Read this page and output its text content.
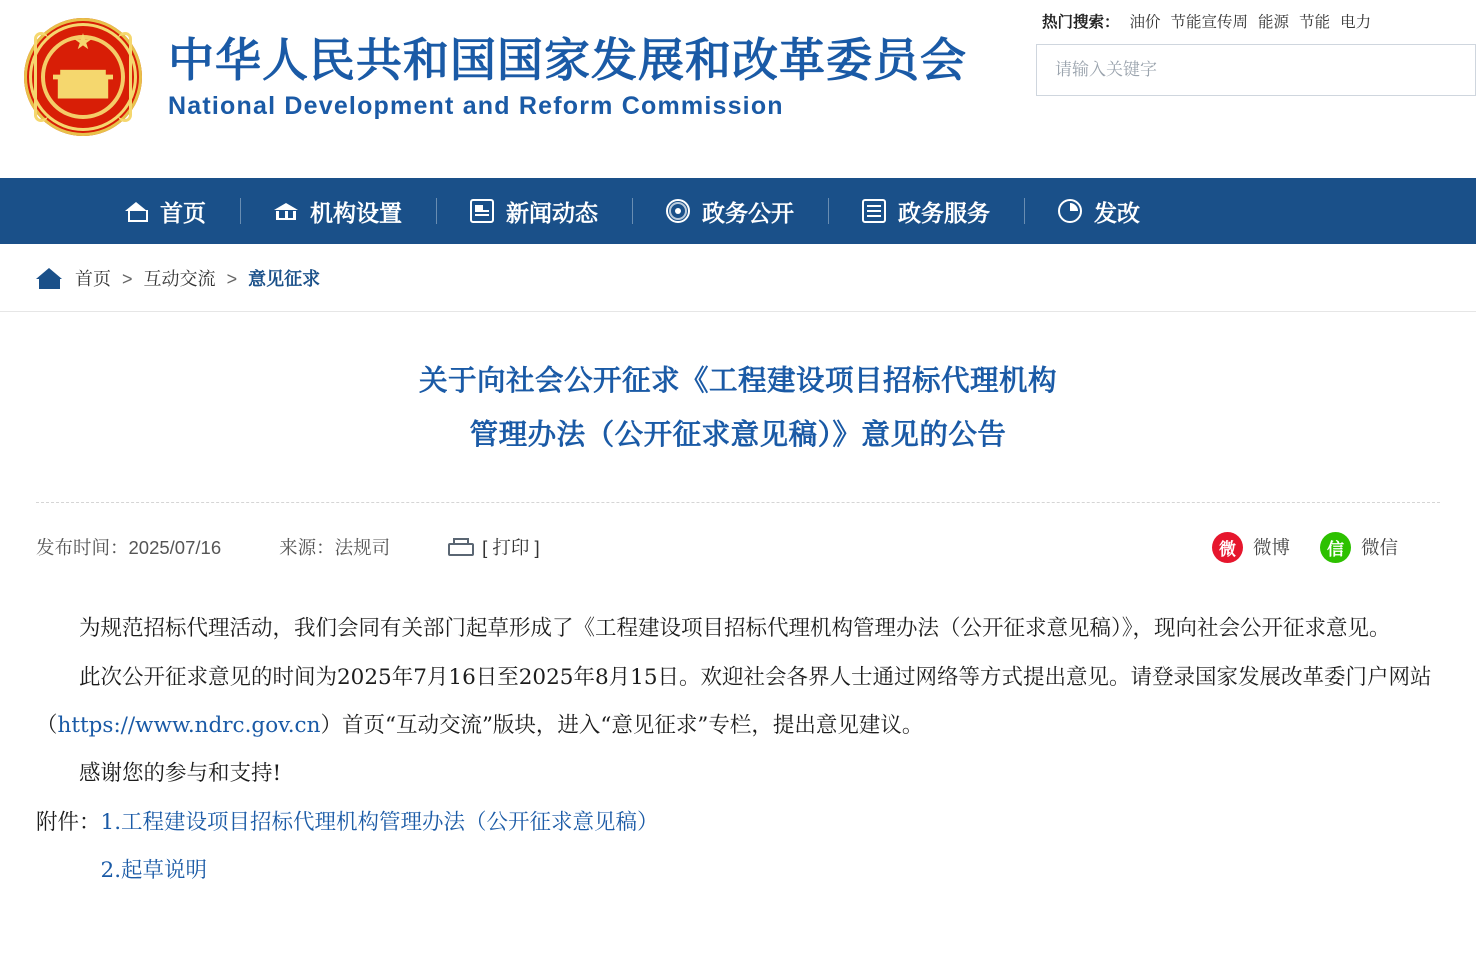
★ 中华人民共和国国家发展和改革委员会
National Development and Reform Commission
热门搜索： 油价 节能宣传周 能源 节能 电力
请输入关键字
首页	机构设置	新闻动态	政务公开	政务服务	发改
首页 > 互动交流 > 意见征求
关于向社会公开征求《工程建设项目招标代理机构
管理办法（公开征求意见稿）》意见的公告
发布时间：2025/07/16	来源：法规司	[ 打印 ]	微 微博	信 微信

为规范招标代理活动，我们会同有关部门起草形成了《工程建设项目招标代理机构管理办法（公开征求意见稿）》，现向社会公开征求意见。

此次公开征求意见的时间为2025年7月16日至2025年8月15日。欢迎社会各界人士通过网络等方式提出意见。请登录国家发展改革委门户网站（https://www.ndrc.gov.cn）首页“互动交流”版块，进入“意见征求”专栏，提出意见建议。

感谢您的参与和支持!

附件： 1.工程建设项目招标代理机构管理办法（公开征求意见稿）
2.起草说明
